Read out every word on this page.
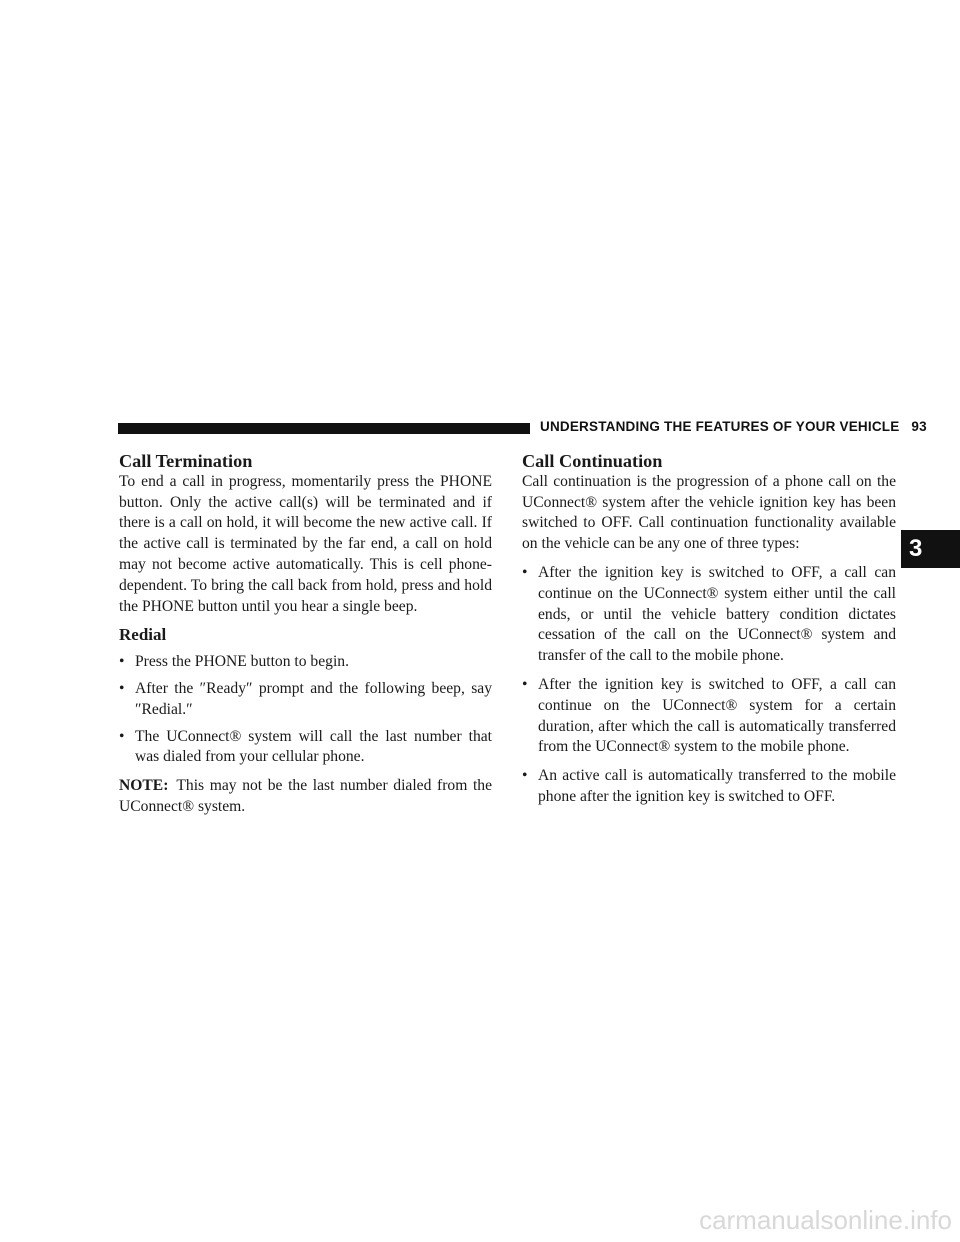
UNDERSTANDING THE FEATURES OF YOUR VEHICLE 93
3
Call Termination

To end a call in progress, momentarily press the PHONE button. Only the active call(s) will be terminated and if there is a call on hold, it will become the new active call. If the active call is terminated by the far end, a call on hold may not become active automatically. This is cell phone-dependent. To bring the call back from hold, press and hold the PHONE button until you hear a single beep.

Redial
• Press the PHONE button to begin.
• After the ″Ready″ prompt and the following beep, say ″Redial.″
• The UConnect® system will call the last number that was dialed from your cellular phone.

NOTE: This may not be the last number dialed from the UConnect® system.

Call Continuation

Call continuation is the progression of a phone call on the UConnect® system after the vehicle ignition key has been switched to OFF. Call continuation functionality available on the vehicle can be any one of three types:

• After the ignition key is switched to OFF, a call can continue on the UConnect® system either until the call ends, or until the vehicle battery condition dictates cessation of the call on the UConnect® system and transfer of the call to the mobile phone.
• After the ignition key is switched to OFF, a call can continue on the UConnect® system for a certain duration, after which the call is automatically transferred from the UConnect® system to the mobile phone.
• An active call is automatically transferred to the mobile phone after the ignition key is switched to OFF.
carmanualsonline.info
